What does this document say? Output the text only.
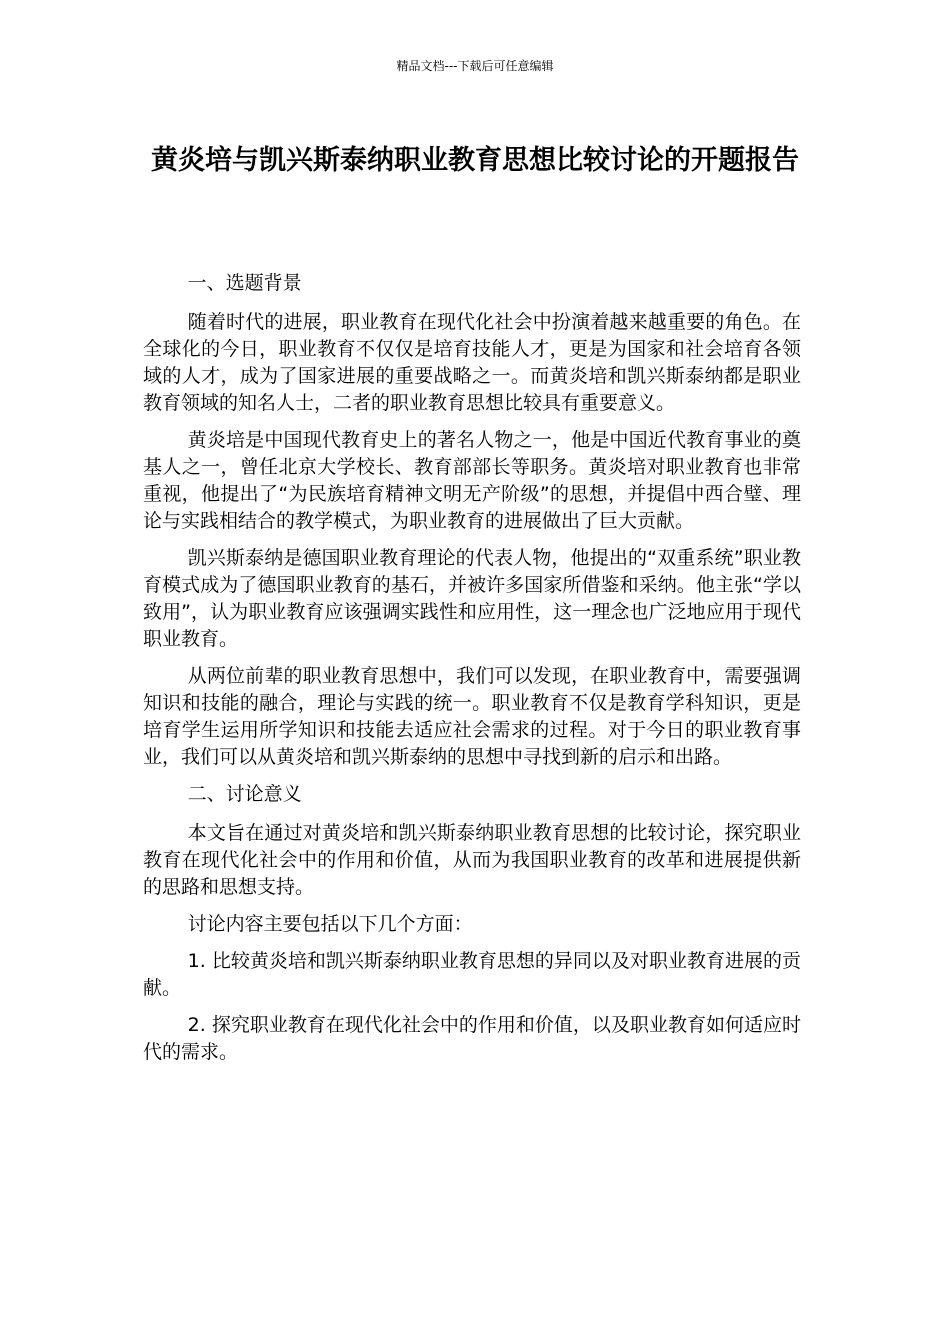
精品文档---下载后可任意编辑
黄炎培与凯兴斯泰纳职业教育思想比较讨论的开题报告

一、选题背景

随着时代的进展，职业教育在现代化社会中扮演着越来越重要的角色。在全球化的今日，职业教育不仅仅是培育技能人才，更是为国家和社会培育各领域的人才，成为了国家进展的重要战略之一。而黄炎培和凯兴斯泰纳都是职业教育领域的知名人士，二者的职业教育思想比较具有重要意义。

黄炎培是中国现代教育史上的著名人物之一，他是中国近代教育事业的奠基人之一，曾任北京大学校长、教育部部长等职务。黄炎培对职业教育也非常重视，他提出了“为民族培育精神文明无产阶级”的思想，并提倡中西合璧、理论与实践相结合的教学模式，为职业教育的进展做出了巨大贡献。

凯兴斯泰纳是德国职业教育理论的代表人物，他提出的“双重系统”职业教育模式成为了德国职业教育的基石，并被许多国家所借鉴和采纳。他主张“学以致用”，认为职业教育应该强调实践性和应用性，这一理念也广泛地应用于现代职业教育。

从两位前辈的职业教育思想中，我们可以发现，在职业教育中，需要强调知识和技能的融合，理论与实践的统一。职业教育不仅是教育学科知识，更是培育学生运用所学知识和技能去适应社会需求的过程。对于今日的职业教育事业，我们可以从黄炎培和凯兴斯泰纳的思想中寻找到新的启示和出路。

二、讨论意义

本文旨在通过对黄炎培和凯兴斯泰纳职业教育思想的比较讨论，探究职业教育在现代化社会中的作用和价值，从而为我国职业教育的改革和进展提供新的思路和思想支持。

讨论内容主要包括以下几个方面：

1. 比较黄炎培和凯兴斯泰纳职业教育思想的异同以及对职业教育进展的贡献。

2. 探究职业教育在现代化社会中的作用和价值，以及职业教育如何适应时代的需求。
